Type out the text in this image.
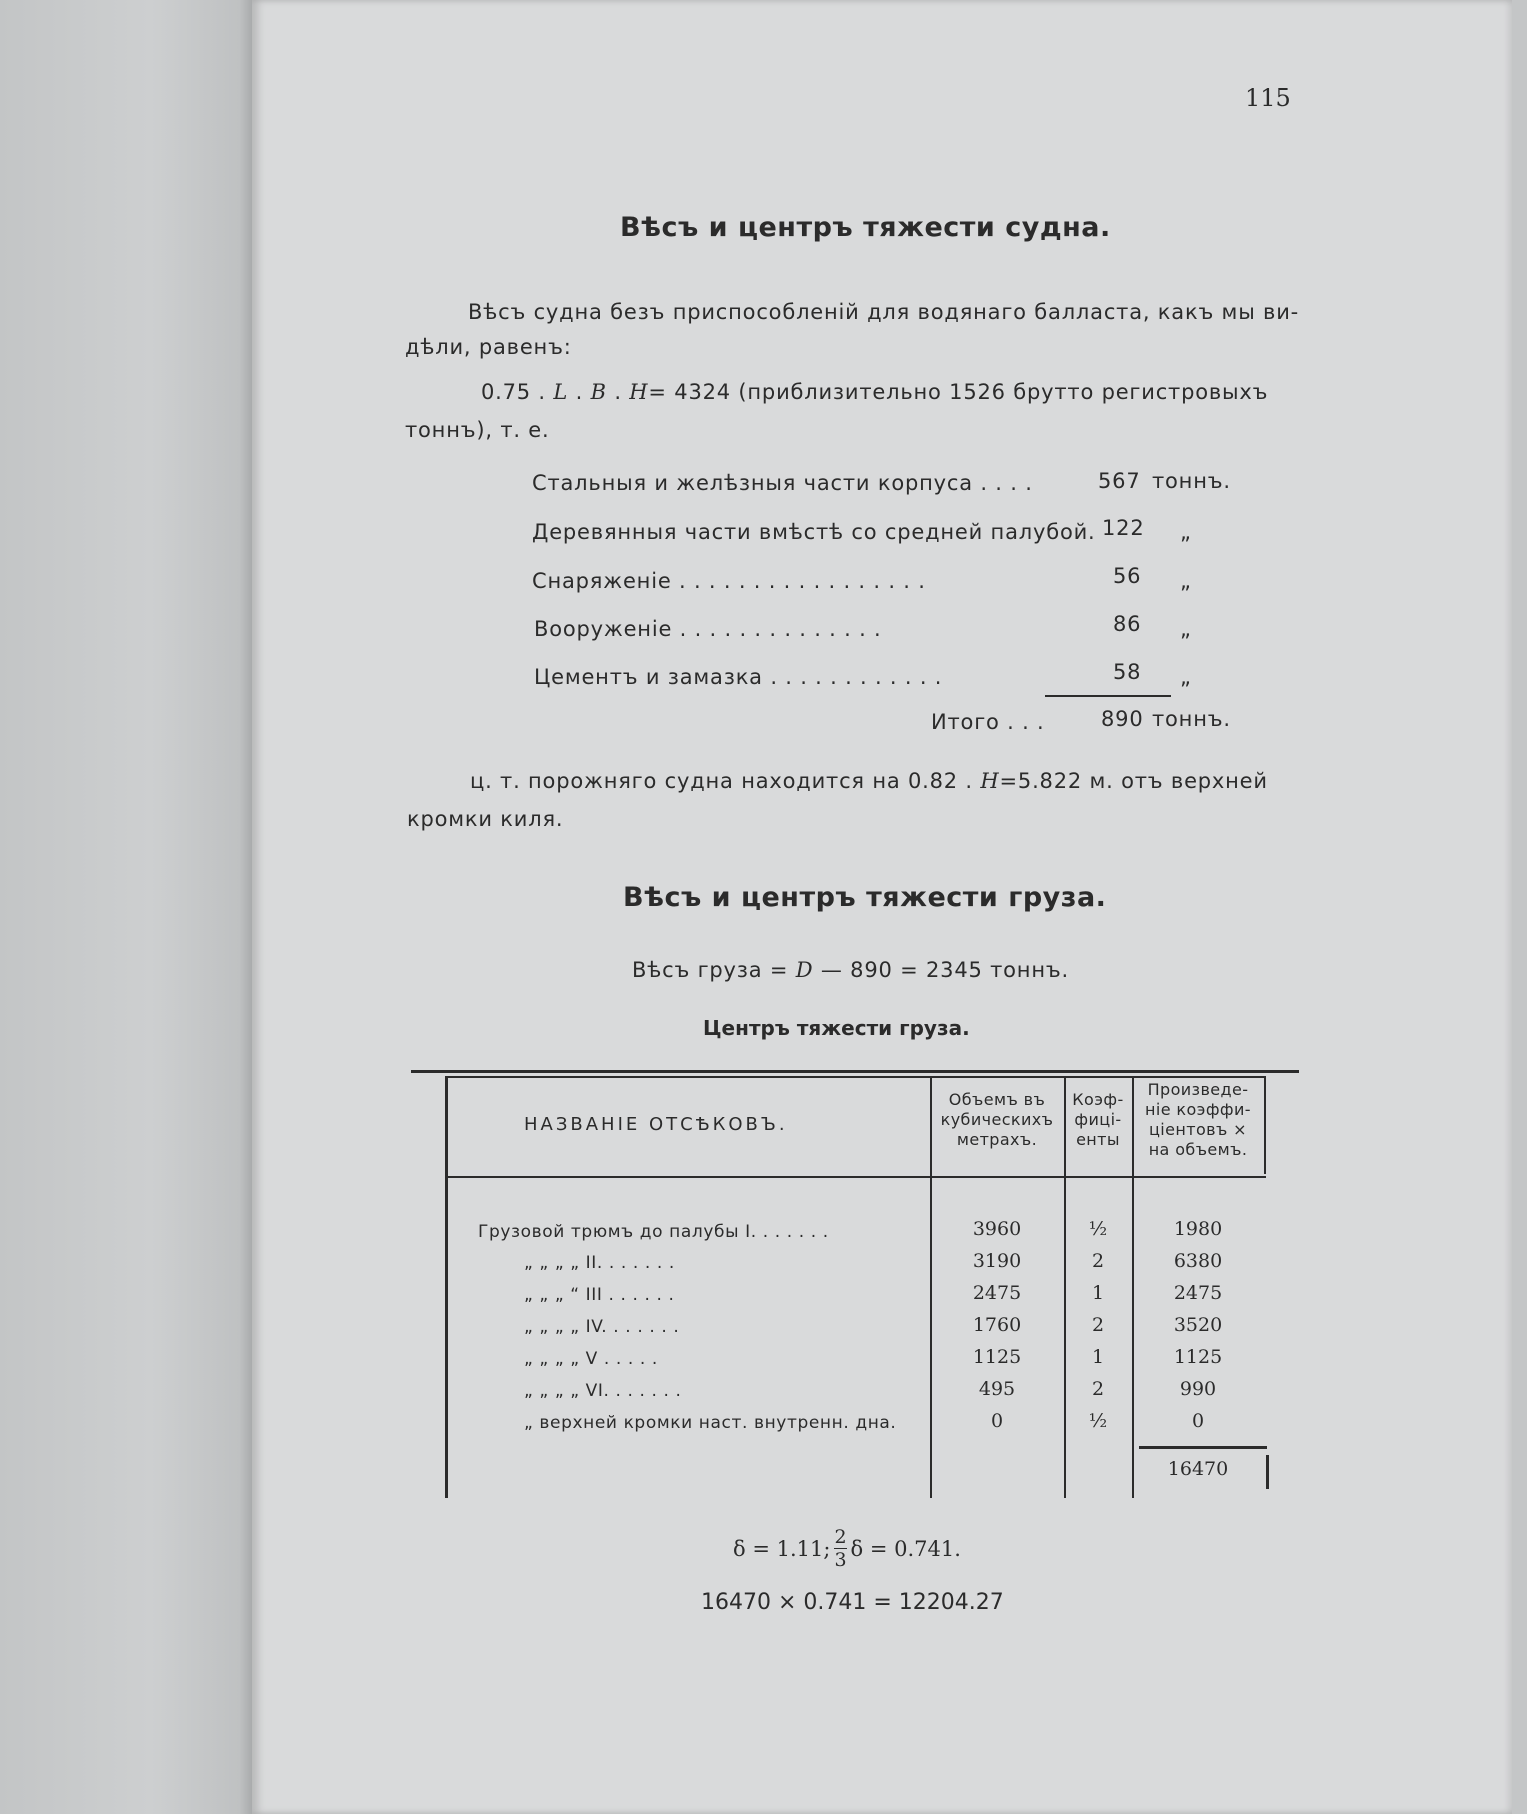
115
Вѣсъ и центръ тяжести судна.
Вѣсъ судна безъ приспособленій для водянаго балласта, какъ мы ви-
дѣли, равенъ:
0.75 . L . B . H= 4324 (приблизительно 1526 брутто регистровыхъ
тоннъ), т. е.
Стальныя и желѣзныя части корпуса . . . .	567 тоннъ.
Деревянныя части вмѣстѣ со средней палубой. 122 „
Снаряженіе . . . . . . . . . . . . . . . . .	56 „
Вооруженіе . . . . . . . . . . . . . .	86 „
Цементъ и замазка . . . . . . . . . . . .	58 „
Итого . . .	890 тоннъ.
ц. т. порожняго судна находится на 0.82 . H=5.822 м. отъ верхней
кромки киля.
Вѣсъ и центръ тяжести груза.
Вѣсъ груза = D — 890 = 2345 тоннъ.
Центръ тяжести груза.
НАЗВАНІЕ ОТСѢКОВЪ.
Объемъ въ
кубическихъ
метрахъ.
Коэф-
фиці-
енты
Произведе-
ніе коэффи-
ціентовъ ×
на объемъ.
Грузовой трюмъ до палубы I. . . . . . .	3960	½	1980
„ „ „ „ II. . . . . . .	3190	2	6380
„ „ „ “ III . . . . . .	2475	1	2475
„ „ „ „ IV. . . . . . .	1760	2	3520
„ „ „ „ V . . . . .	1125	1	1125
„ „ „ „ VI. . . . . . .	495	2	990
„ верхней кромки наст. внутренн. дна.	0	½	0
16470
δ = 1.11; $\frac{2}{3}$ δ = 0.741.
16470 × 0.741 = 12204.27
